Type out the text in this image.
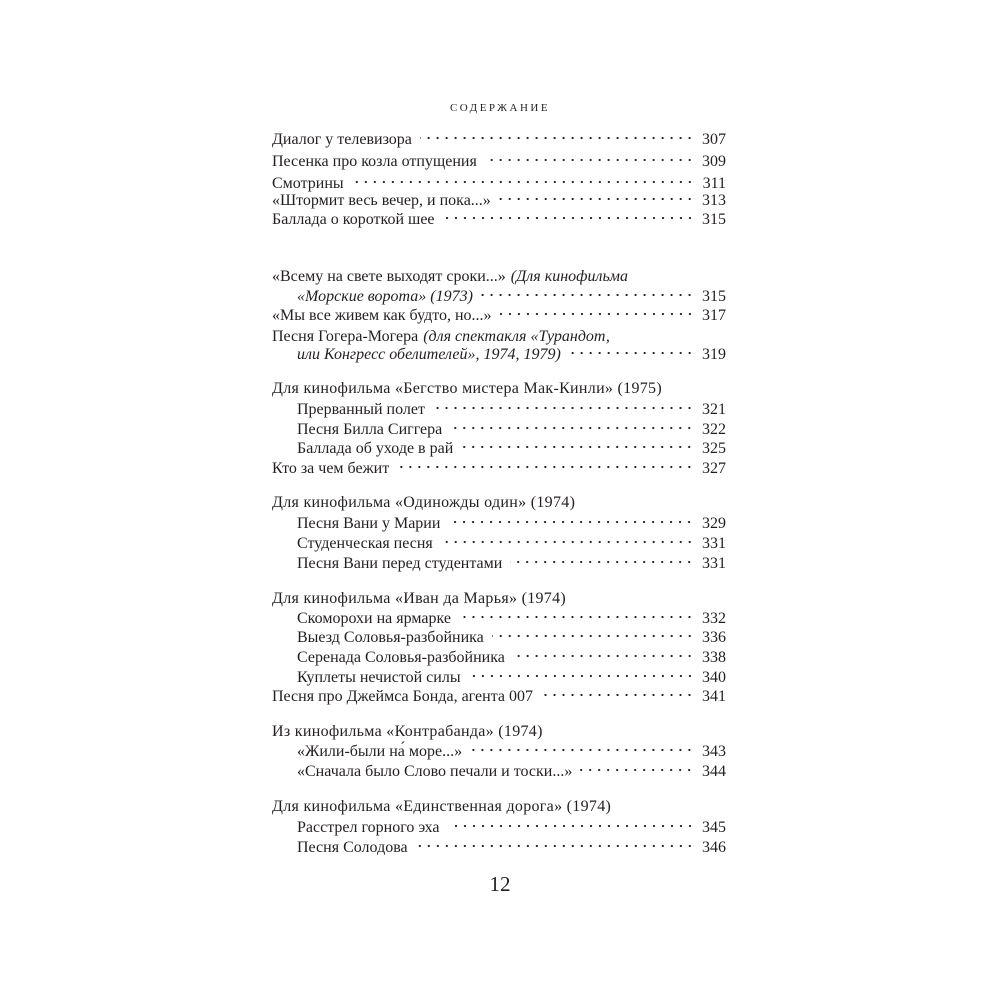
СОДЕРЖАНИЕ
Диалог у телевизора	307
Песенка про козла отпущения	309
Смотрины	311
«Штормит весь вечер, и пока...»	313
Баллада о короткой шее	315
«Всему на свете выходят сроки...» (Для кинофильма
«Морские ворота» (1973)	315
«Мы все живем как будто, но...»	317
Песня Гогера-Могера (для спектакля «Турандот,
или Конгресс обелителей», 1974, 1979)	319
Для кинофильма «Бегство мистера Мак-Кинли» (1975)
Прерванный полет	321
Песня Билла Сиггера	322
Баллада об уходе в рай	325
Кто за чем бежит	327
Для кинофильма «Одиножды один» (1974)
Песня Вани у Марии	329
Студенческая песня	331
Песня Вани перед студентами	331
Для кинофильма «Иван да Марья» (1974)
Скоморохи на ярмарке	332
Выезд Соловья-разбойника	336
Серенада Соловья-разбойника	338
Куплеты нечистой силы	340
Песня про Джеймса Бонда, агента 007	341
Из кинофильма «Контрабанда» (1974)
«Жили-были на́ море...»	343
«Сначала было Слово печали и тоски...»	344
Для кинофильма «Единственная дорога» (1974)
Расстрел горного эха	345
Песня Солодова	346
12
